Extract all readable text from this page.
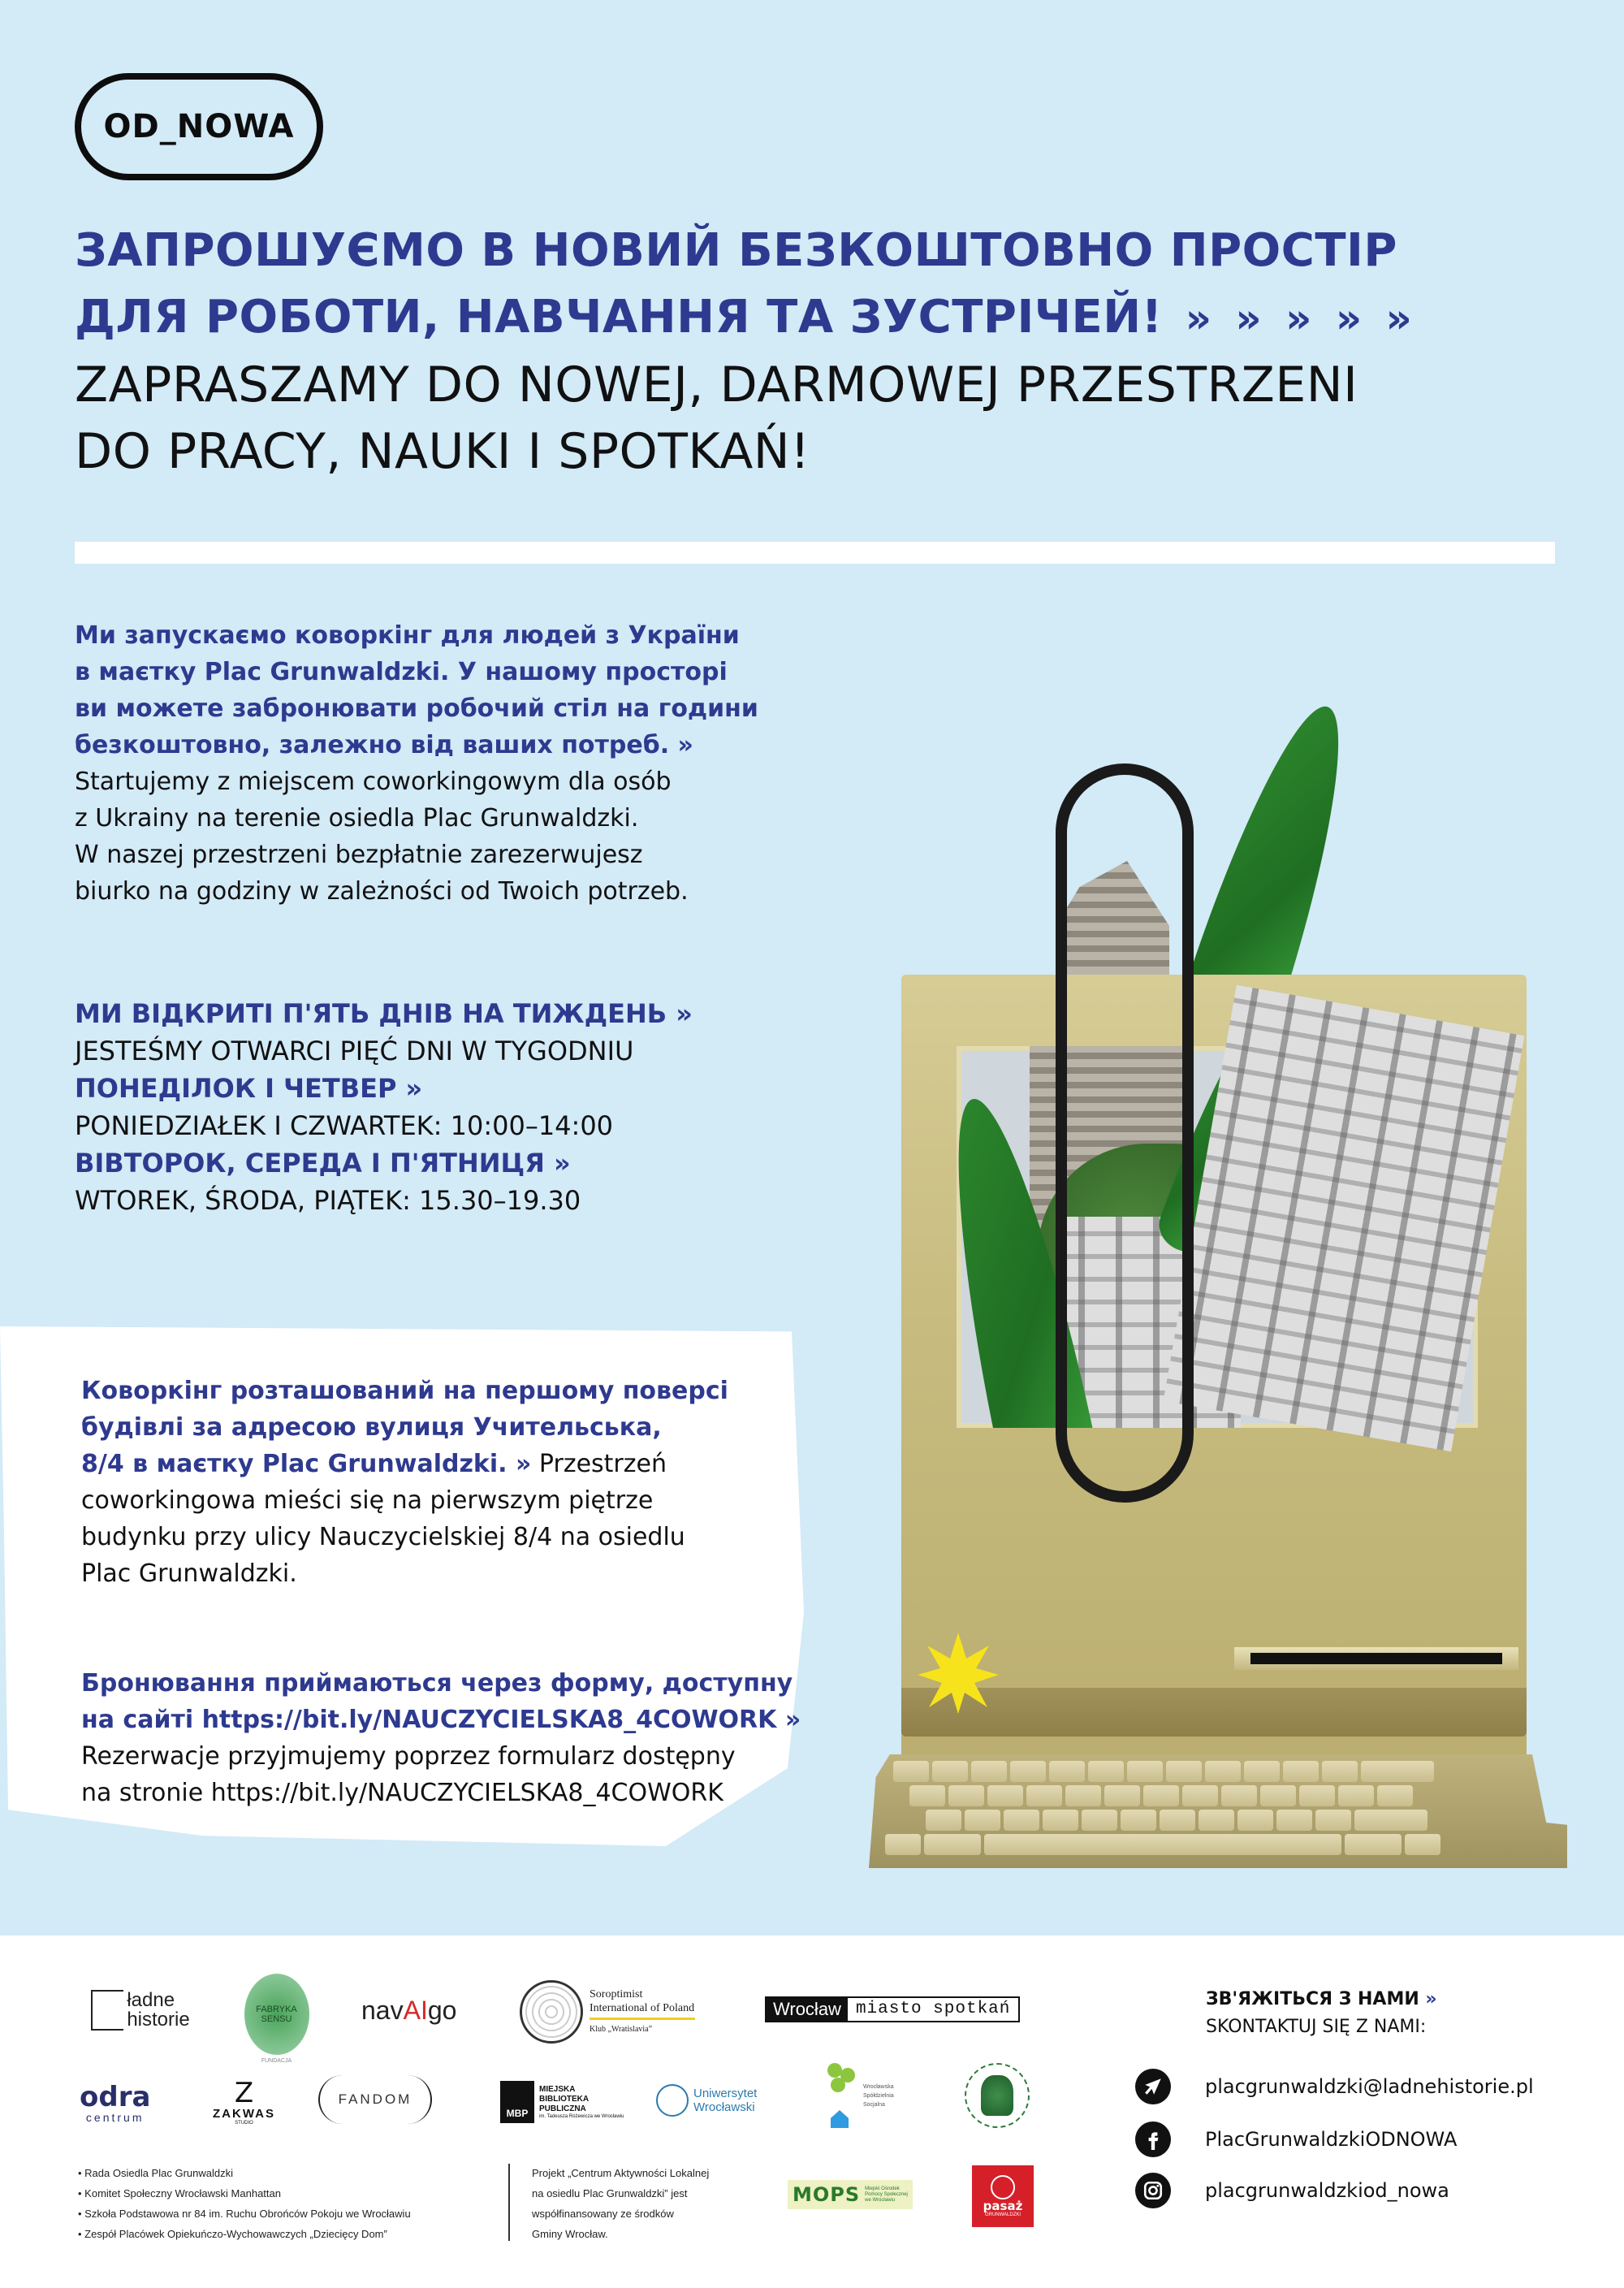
OD_NOWA
ЗАПРОШУЄМО В НОВИЙ БЕЗКОШТОВНО ПРОСТІР
ДЛЯ РОБОТИ, НАВЧАННЯ ТА ЗУСТРІЧЕЙ! » » » » »
ZAPRASZAMY DO NOWEJ, DARMOWEJ PRZESTRZENI
DO PRACY, NAUKI I SPOTKAŃ!
Ми запускаємо коворкінг для людей з України
в маєтку Plac Grunwaldzki. У нашому просторі
ви можете забронювати робочий стіл на години
безкоштовно, залежно від ваших потреб. »
Startujemy z miejscem coworkingowym dla osób
z Ukrainy na terenie osiedla Plac Grunwaldzki.
W naszej przestrzeni bezpłatnie zarezerwujesz
biurko na godziny w zależności od Twoich potrzeb.
МИ ВІДКРИТІ П'ЯТЬ ДНІВ НА ТИЖДЕНЬ »
JESTEŚMY OTWARCI PIĘĆ DNI W TYGODNIU
ПОНЕДІЛОК І ЧЕТВЕР »
PONIEDZIAŁEK I CZWARTEK: 10:00–14:00
ВІВТОРОК, СЕРЕДА І П'ЯТНИЦЯ »
WTOREK, ŚRODA, PIĄTEK: 15.30–19.30
Коворкінг розташований на першому поверсі
будівлі за адресою вулиця Учительська,
8/4 в маєтку Plac Grunwaldzki. » Przestrzeń
coworkingowa mieści się na pierwszym piętrze
budynku przy ulicy Nauczycielskiej 8/4 na osiedlu
Plac Grunwaldzki.
Бронювання приймаються через форму, доступну
на сайті https://bit.ly/NAUCZYCIELSKA8_4COWORK »
Rezerwacje przyjmujemy poprzez formularz dostępny
na stronie https://bit.ly/NAUCZYCIELSKA8_4COWORK
ładne
historie	FABRYKA
SENSU
FUNDACJA
nav AI go
Soroptimist
International of Poland
Klub „Wratislavia”
Wrocław miasto spotkań
odra
centrum
Z
ZAKWAS
STUDIO
FANDOM
MBP
MIEJSKA
BIBLIOTEKA
PUBLICZNA
im. Tadeusza Różewicza we Wrocławiu
Uniwersytet
Wrocławski
Wrocławska
Spółdzielnia
Socjalna
• Rada Osiedla Plac Grunwaldzki
• Komitet Społeczny Wrocławski Manhattan
• Szkoła Podstawowa nr 84 im. Ruchu Obrońców Pokoju we Wrocławiu
• Zespół Placówek Opiekuńczo-Wychowawczych „Dziecięcy Dom”
Projekt „Centrum Aktywności Lokalnej
na osiedlu Plac Grunwaldzki” jest
współfinansowany ze środków
Gminy Wrocław.
MOPS Miejski Ośrodek
Pomocy Społecznej
we Wrocławiu	pasaż
GRUNWALDZKI
ЗВ'ЯЖІТЬСЯ З НАМИ »
SKONTAKTUJ SIĘ Z NAMI:
placgrunwaldzki@ladnehistorie.pl
PlacGrunwaldzkiODNOWA
placgrunwaldzkiod_nowa
